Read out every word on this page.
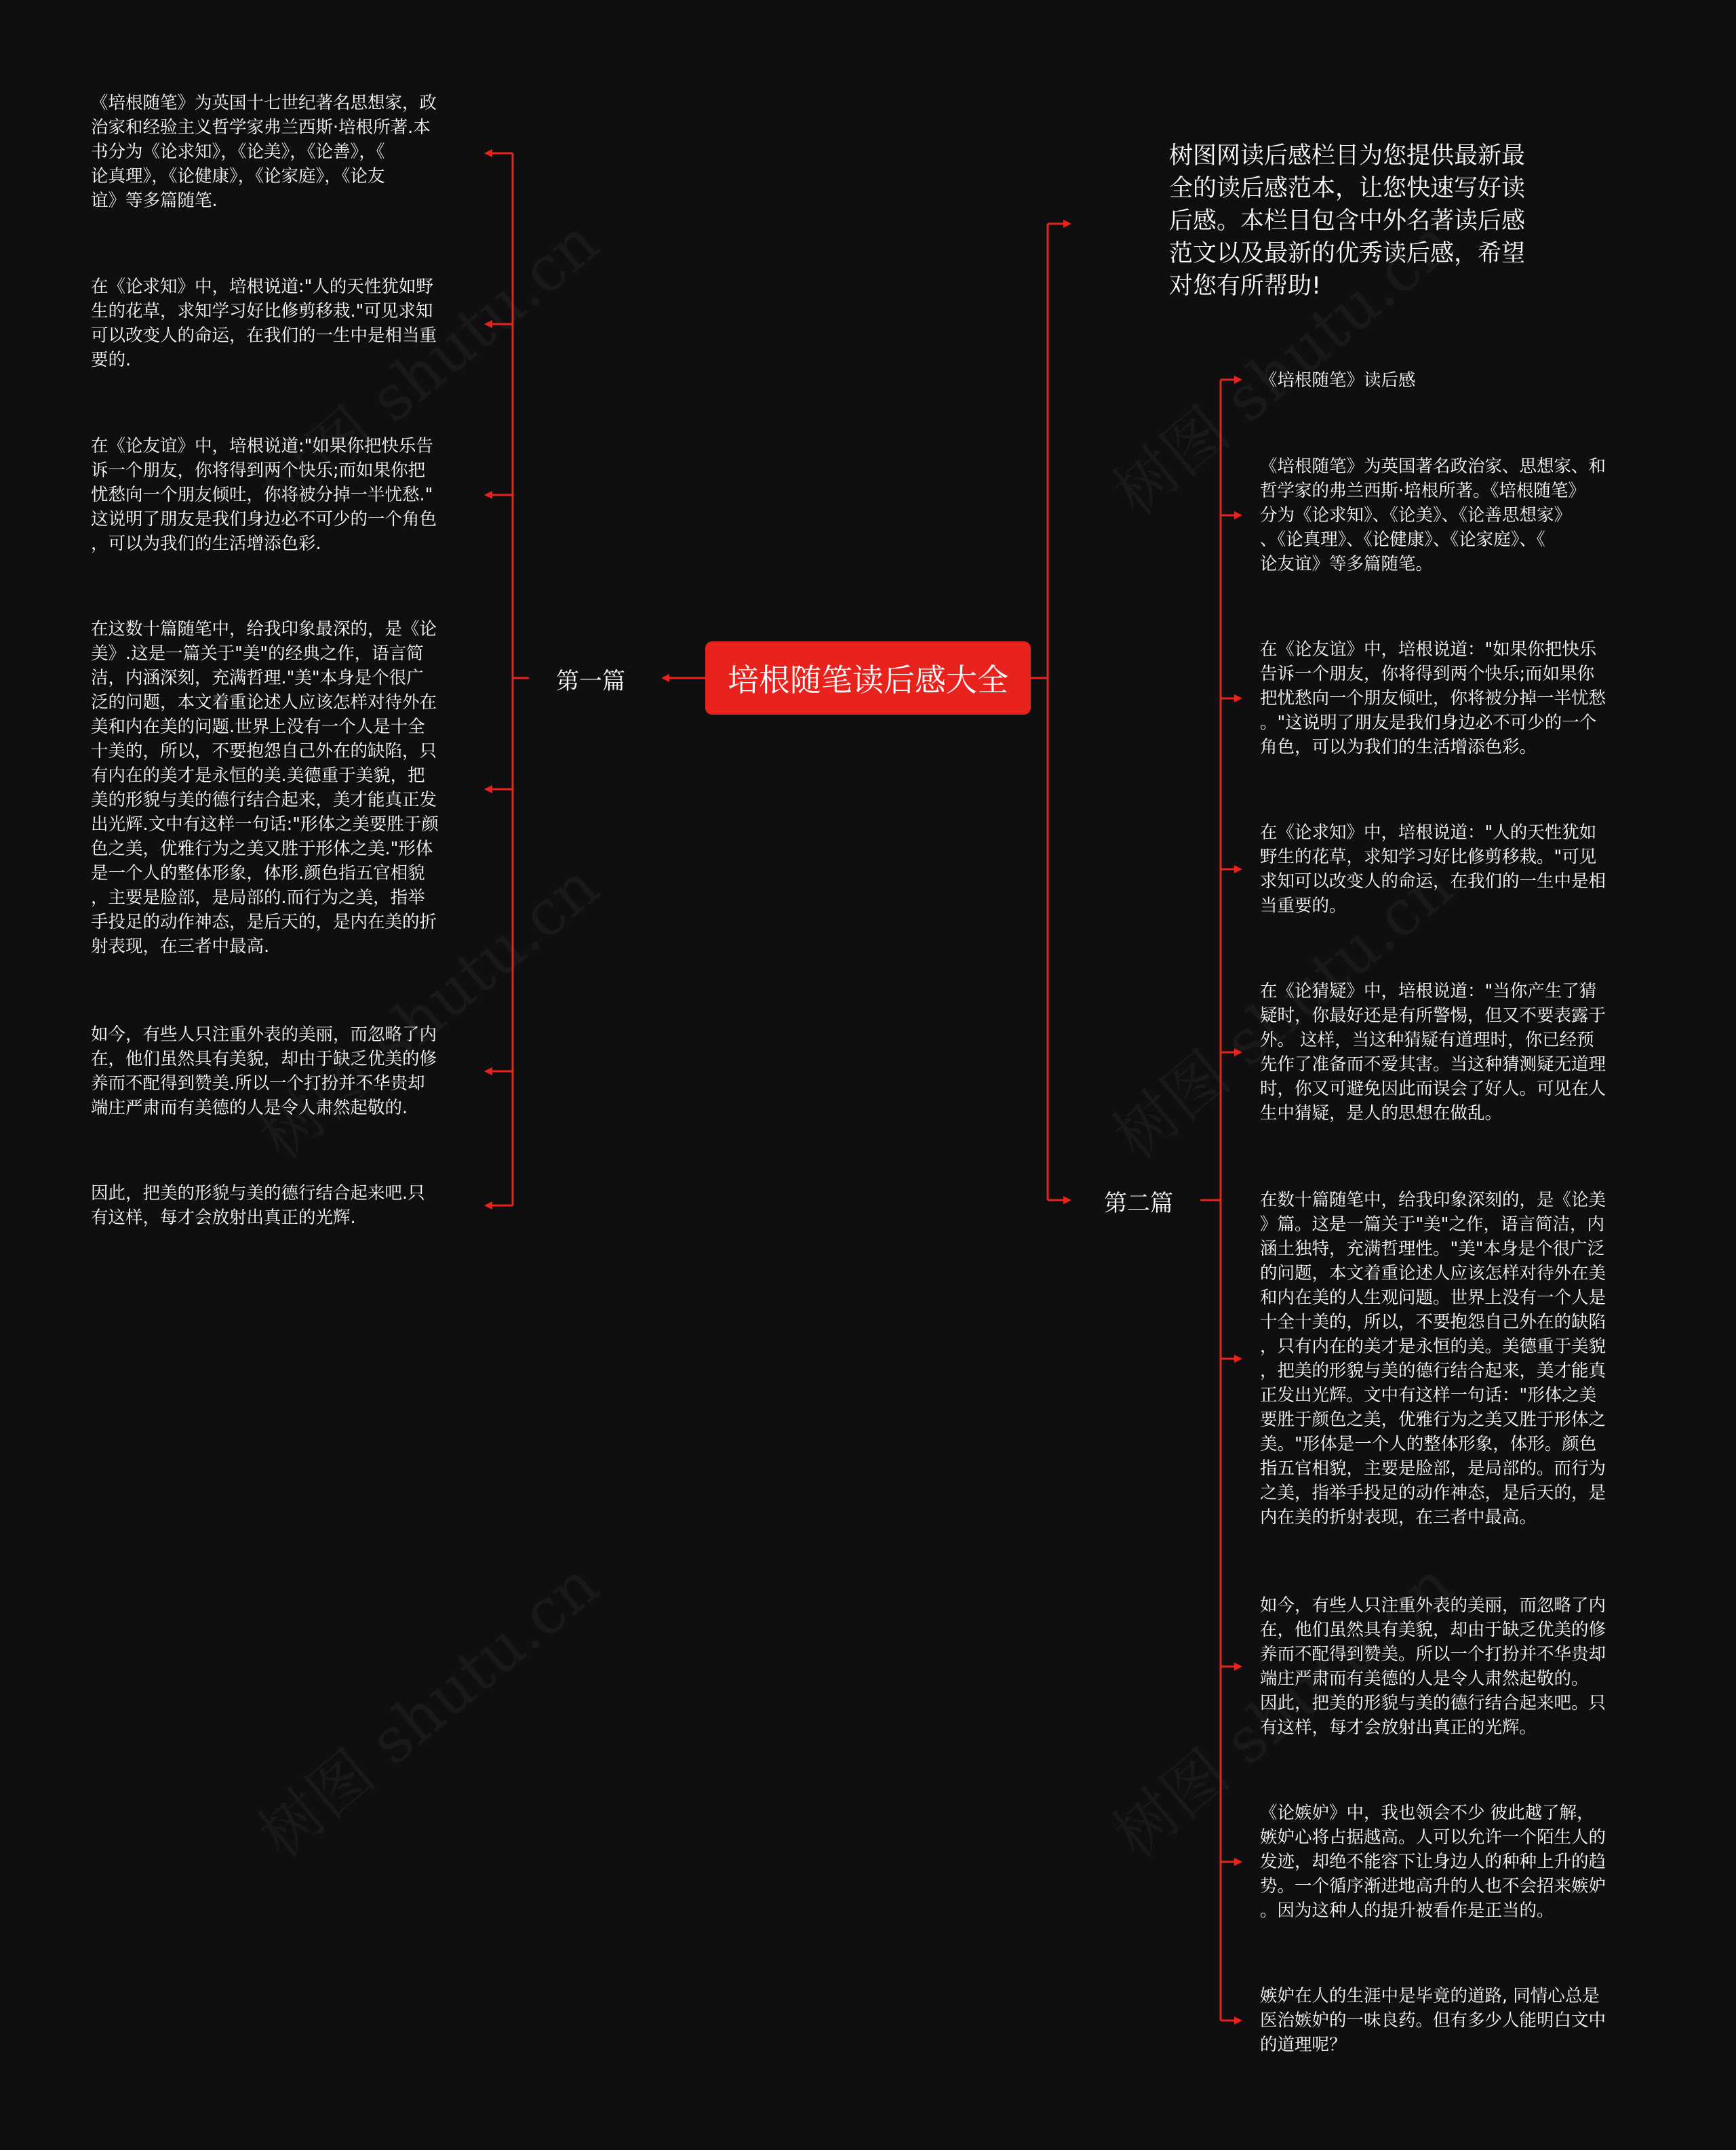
培根随笔读后感大全
树图网读后感栏目为您提供最新最
全的读后感范本，让您快速写好读
后感。本栏目包含中外名著读后感
范文以及最新的优秀读后感，希望
对您有所帮助!
第一篇
《培根随笔》为英国十七世纪著名思想家，政
治家和经验主义哲学家弗兰西斯·培根所著.本
书分为《论求知》，《论美》，《论善》，《
论真理》，《论健康》，《论家庭》，《论友
谊》等多篇随笔.
在《论求知》中，培根说道:"人的天性犹如野
生的花草，求知学习好比修剪移栽."可见求知
可以改变人的命运，在我们的一生中是相当重
要的.
在《论友谊》中，培根说道:"如果你把快乐告
诉一个朋友，你将得到两个快乐;而如果你把
忧愁向一个朋友倾吐，你将被分掉一半忧愁."
这说明了朋友是我们身边必不可少的一个角色
，可以为我们的生活增添色彩.
在这数十篇随笔中，给我印象最深的，是《论
美》.这是一篇关于"美"的经典之作，语言简
洁，内涵深刻，充满哲理."美"本身是个很广
泛的问题，本文着重论述人应该怎样对待外在
美和内在美的问题.世界上没有一个人是十全
十美的，所以，不要抱怨自己外在的缺陷，只
有内在的美才是永恒的美.美德重于美貌，把
美的形貌与美的德行结合起来，美才能真正发
出光辉.文中有这样一句话:"形体之美要胜于颜
色之美，优雅行为之美又胜于形体之美."形体
是一个人的整体形象，体形.颜色指五官相貌
，主要是脸部，是局部的.而行为之美，指举
手投足的动作神态，是后天的，是内在美的折
射表现，在三者中最高.
如今，有些人只注重外表的美丽，而忽略了内
在，他们虽然具有美貌，却由于缺乏优美的修
养而不配得到赞美.所以一个打扮并不华贵却
端庄严肃而有美德的人是令人肃然起敬的.
因此，把美的形貌与美的德行结合起来吧.只
有这样，每才会放射出真正的光辉.
第二篇
《培根随笔》读后感
《培根随笔》为英国著名政治家、思想家、和
哲学家的弗兰西斯·培根所著。《培根随笔》
分为《论求知》、《论美》、《论善思想家》
、《论真理》、《论健康》、《论家庭》、《
论友谊》等多篇随笔。
在《论友谊》中，培根说道："如果你把快乐
告诉一个朋友，你将得到两个快乐;而如果你
把忧愁向一个朋友倾吐，你将被分掉一半忧愁
。"这说明了朋友是我们身边必不可少的一个
角色，可以为我们的生活增添色彩。
在《论求知》中，培根说道："人的天性犹如
野生的花草，求知学习好比修剪移栽。"可见
求知可以改变人的命运，在我们的一生中是相
当重要的。
在《论猜疑》中，培根说道："当你产生了猜
疑时，你最好还是有所警惕，但又不要表露于
外。 这样，当这种猜疑有道理时，你已经预
先作了准备而不爱其害。当这种猜测疑无道理
时，你又可避免因此而误会了好人。可见在人
生中猜疑，是人的思想在做乱。
在数十篇随笔中，给我印象深刻的，是《论美
》篇。这是一篇关于"美"之作，语言简洁，内
涵土独特，充满哲理性。"美"本身是个很广泛
的问题，本文着重论述人应该怎样对待外在美
和内在美的人生观问题。世界上没有一个人是
十全十美的，所以，不要抱怨自己外在的缺陷
，只有内在的美才是永恒的美。美德重于美貌
，把美的形貌与美的德行结合起来，美才能真
正发出光辉。文中有这样一句话："形体之美
要胜于颜色之美，优雅行为之美又胜于形体之
美。"形体是一个人的整体形象，体形。颜色
指五官相貌，主要是脸部，是局部的。而行为
之美，指举手投足的动作神态，是后天的，是
内在美的折射表现，在三者中最高。
如今，有些人只注重外表的美丽，而忽略了内
在，他们虽然具有美貌，却由于缺乏优美的修
养而不配得到赞美。所以一个打扮并不华贵却
端庄严肃而有美德的人是令人肃然起敬的。
因此，把美的形貌与美的德行结合起来吧。只
有这样，每才会放射出真正的光辉。
《论嫉妒》中，我也领会不少 彼此越了解，
嫉妒心将占据越高。人可以允许一个陌生人的
发迹，却绝不能容下让身边人的种种上升的趋
势。一个循序渐进地高升的人也不会招来嫉妒
。因为这种人的提升被看作是正当的。
嫉妒在人的生涯中是毕竟的道路, 同情心总是
医治嫉妒的一味良药。但有多少人能明白文中
的道理呢？
